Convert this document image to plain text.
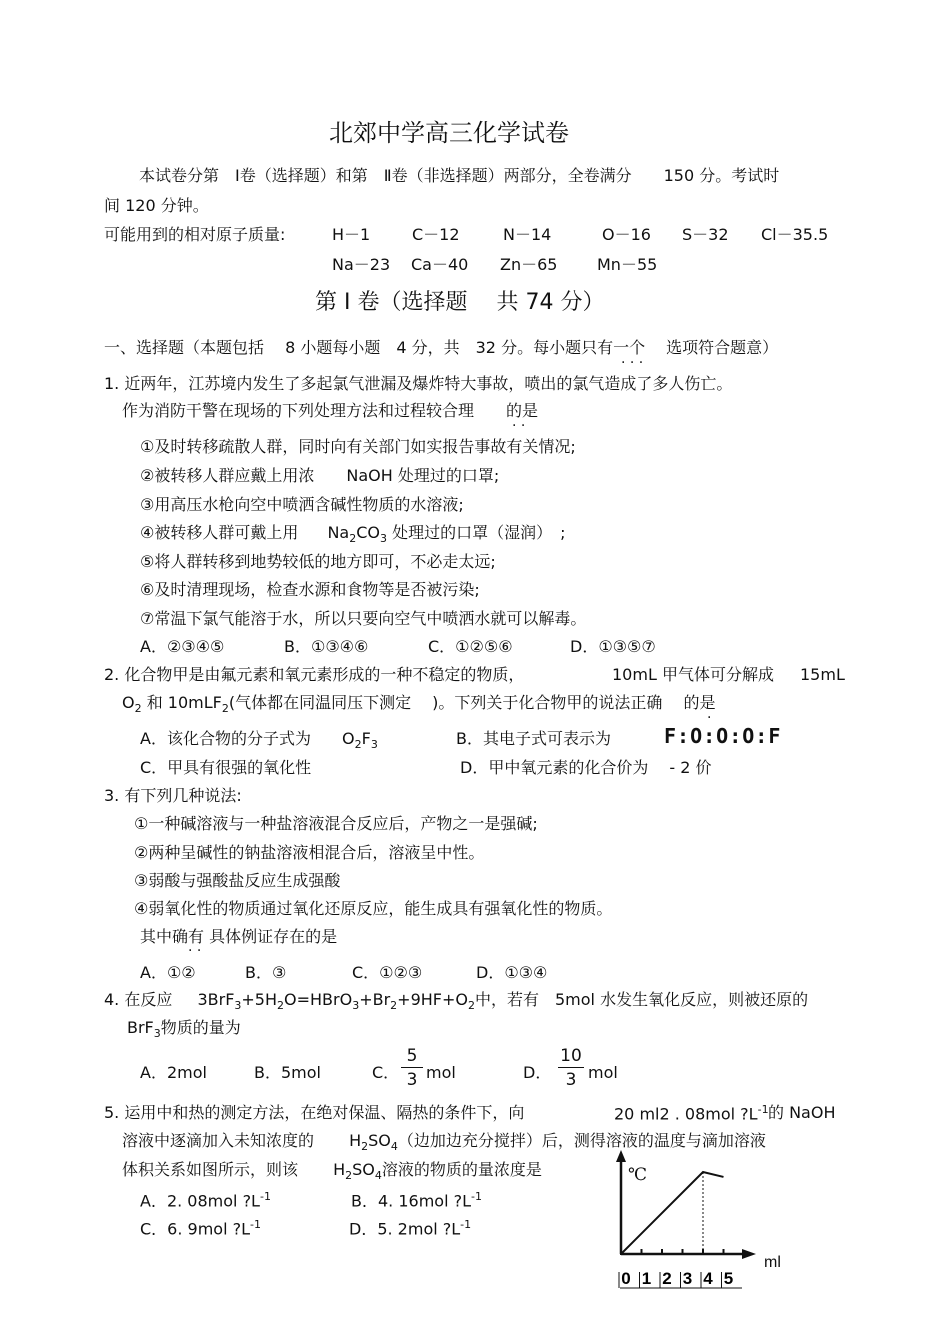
北郊中学高三化学试卷
本试卷分第　Ⅰ卷（选择题）和第　Ⅱ卷（非选择题）两部分，全卷满分　　150 分。考试时
间 120 分钟。
可能用到的相对原子质量:	H－1	C－12	N－14	O－16 S－32 Cl－35.5
Na－23 Ca－40 Zn－65 Mn－55
第 Ⅰ 卷（选择题　 共 74 分）
一、选择题（本题包括　 8 小题每小题　4 分，共　32 分。每小题只有一个　 选项符合题意）
· · ·
1. 近两年，江苏境内发生了多起氯气泄漏及爆炸特大事故，喷出的氯气造成了多人伤亡。
作为消防干警在现场的下列处理方法和过程较合理　　的是
· ·
①及时转移疏散人群，同时向有关部门如实报告事故有关情况;
②被转移人群应戴上用浓　　NaOH 处理过的口罩;
③用高压水枪向空中喷洒含碱性物质的水溶液;
④被转移人群可戴上用 $Na_2CO_3$ 处理过的口罩（湿润）　;
⑤将人群转移到地势较低的地方即可，不必走太远;
⑥及时清理现场，检查水源和食物等是否被污染;
⑦常温下氯气能溶于水，所以只要向空气中喷洒水就可以解毒。
A．②③④⑤	B．①③④⑥	C．①②⑤⑥	D．①③⑤⑦
2. 化合物甲是由氟元素和氧元素形成的一种不稳定的物质，	10mL 甲气体可分解成 15mL
$O_2$ 和 10mLF$_2$(气体都在同温同压下测定　 )。下列关于化合物甲的说法正确　 的是
·
A．该化合物的分子式为 $O_2F_3$	B．其电子式可表示为	F:O:O:O:F
C．甲具有很强的氧化性	D．甲中氧元素的化合价为　 - 2 价
3. 有下列几种说法:
①一种碱溶液与一种盐溶液混合反应后，产物之一是强碱;
②两种呈碱性的钠盐溶液相混合后，溶液呈中性。
③弱酸与强酸盐反应生成强酸
④弱氧化性的物质通过氧化还原反应，能生成具有强氧化性的物质。
其中确有 具体例证存在的是
· ·
A．①②	B．③	C．①②③	D．①③④
4. 在反应 $3BrF_3+5H_2O=HBrO_3+Br_2+9HF+O_2$中，若有　5mol 水发生氧化反应，则被还原的
BrF$_3$物质的量为
A．2mol	B．5mol	C． $\frac{5}{3}$ mol	D． $\frac{10}{3}$ mol
5. 运用中和热的测定方法，在绝对保温、隔热的条件下，向	20 ml2 . 08mol $?L^{-1}$ 的 NaOH
溶液中逐滴加入未知浓度的 $H_2SO_4$（边加边充分搅拌）后，测得溶液的温度与滴加溶液
体积关系如图所示，则该 $H_2SO_4$溶液的物质的量浓度是
A．2. 08mol $?L^{-1}$	B．4. 16mol $?L^{-1}$
C．6. 9mol $?L^{-1}$	D．5. 2mol $?L^{-1}$
℃
ml
0 1 2 3 4 5
